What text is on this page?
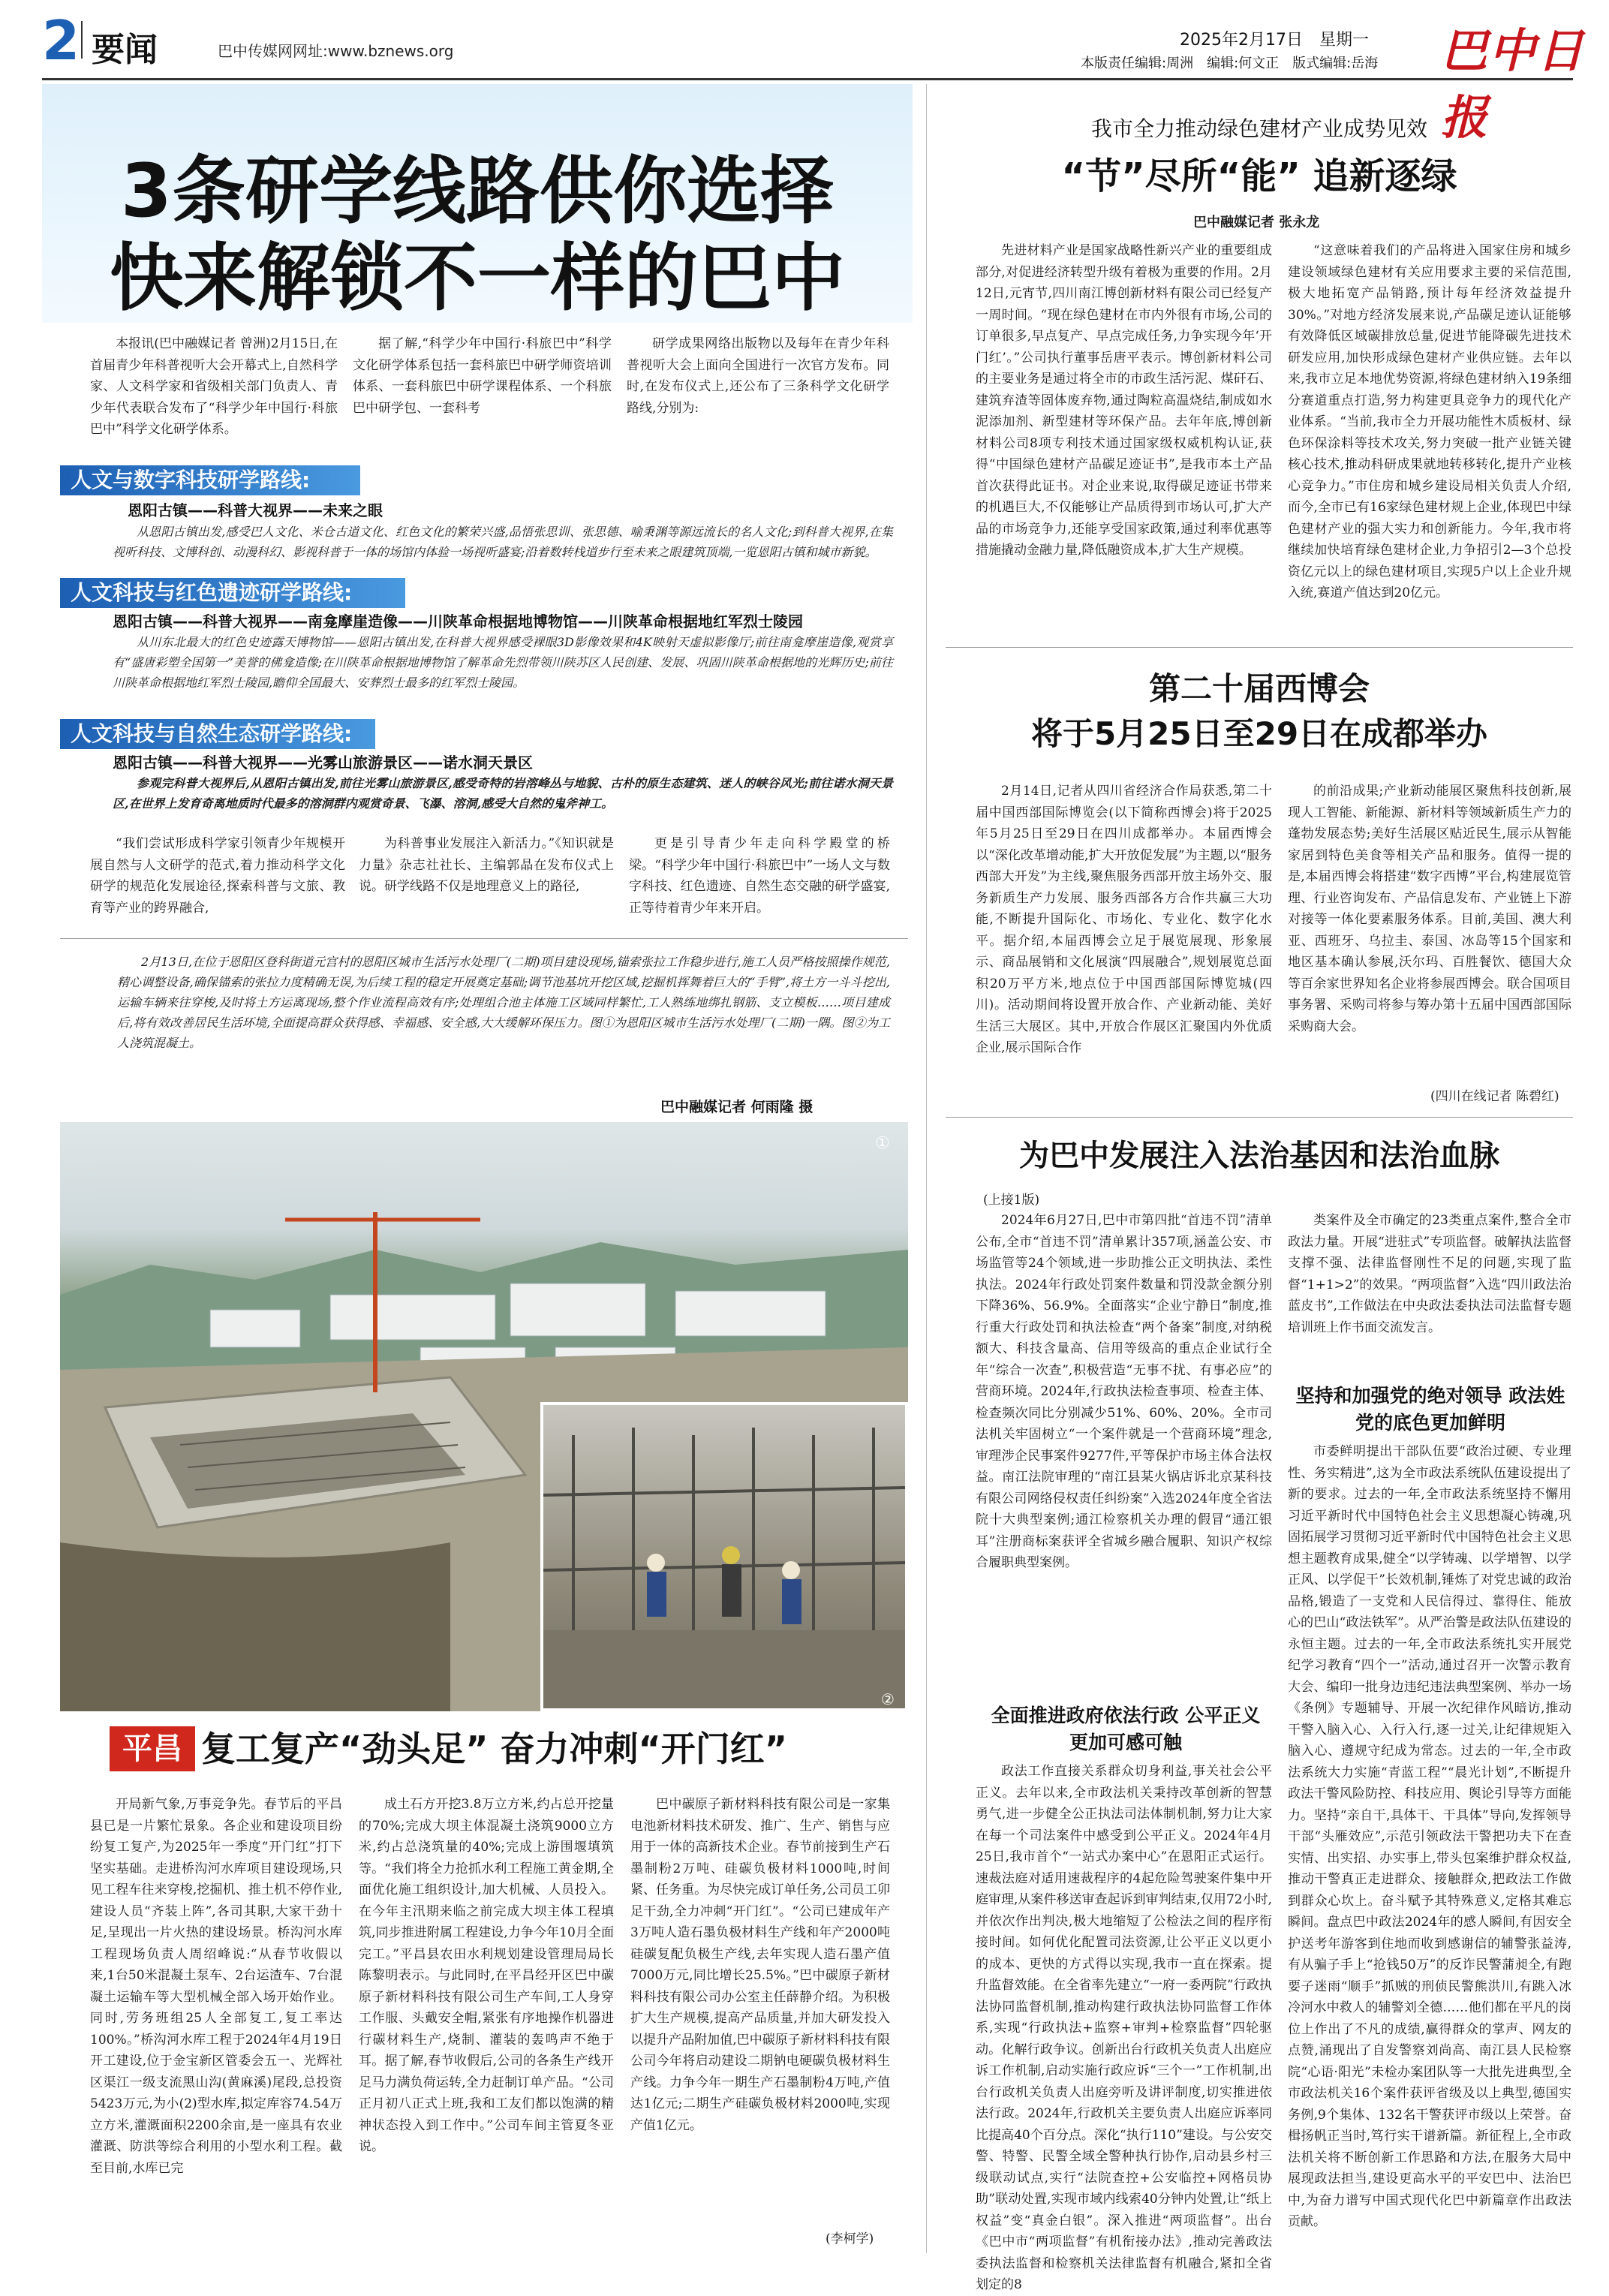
2 要闻	巴中传媒网网址:www.bznews.org
2025年2月17日　星期一
本版责任编辑:周洲　编辑:何文正　版式编辑:岳海 巴中日报
3条研学线路供你选择
快来解锁不一样的巴中
本报讯(巴中融媒记者 曾洲)2月15日,在首届青少年科普视听大会开幕式上,自然科学家、人文科学家和省级相关部门负责人、青少年代表联合发布了“科学少年中国行·科旅巴中”科学文化研学体系。
据了解,“科学少年中国行·科旅巴中”科学文化研学体系包括一套科旅巴中研学师资培训体系、一套科旅巴中研学课程体系、一个科旅巴中研学包、一套科考
研学成果网络出版物以及每年在青少年科普视听大会上面向全国进行一次官方发布。同时,在发布仪式上,还公布了三条科学文化研学路线,分别为:
人文与数字科技研学路线:
恩阳古镇——科普大视界——未来之眼
从恩阳古镇出发,感受巴人文化、米仓古道文化、红色文化的繁荣兴盛,品悟张思训、张思德、喻秉渊等源远流长的名人文化;到科普大视界,在集视听科技、文博科创、动漫科幻、影视科普于一体的场馆内体验一场视听盛宴;沿着数转栈道步行至未来之眼建筑顶端,一览恩阳古镇和城市新貌。
人文科技与红色遗迹研学路线:
恩阳古镇——科普大视界——南龛摩崖造像——川陕革命根据地博物馆——川陕革命根据地红军烈士陵园
从川东北最大的红色史迹露天博物馆——恩阳古镇出发,在科普大视界感受裸眼3D影像效果和4K映射天虚拟影像厅;前往南龛摩崖造像,观赏享有“盛唐彩塑全国第一”美誉的佛龛造像;在川陕革命根据地博物馆了解革命先烈带领川陕苏区人民创建、发展、巩固川陕革命根据地的光辉历史;前往川陕革命根据地红军烈士陵园,瞻仰全国最大、安葬烈士最多的红军烈士陵园。
人文科技与自然生态研学路线:
恩阳古镇——科普大视界——光雾山旅游景区——诺水洞天景区
参观完科普大视界后,从恩阳古镇出发,前往光雾山旅游景区,感受奇特的岩溶峰丛与地貌、古朴的原生态建筑、迷人的峡谷风光;前往诺水洞天景区,在世界上发育奇离地质时代最多的溶洞群内观赏奇景、飞瀑、溶洞,感受大自然的鬼斧神工。
“我们尝试形成科学家引领青少年规模开展自然与人文研学的范式,着力推动科学文化研学的规范化发展途径,探索科普与文旅、教育等产业的跨界融合,
为科普事业发展注入新活力。”《知识就是力量》杂志社社长、主编郭晶在发布仪式上说。研学线路不仅是地理意义上的路径,
更是引导青少年走向科学殿堂的桥梁。“科学少年中国行·科旅巴中”一场人文与数字科技、红色遗迹、自然生态交融的研学盛宴,正等待着青少年来开启。
2月13日,在位于恩阳区登科街道元宫村的恩阳区城市生活污水处理厂(二期)项目建设现场,锚索张拉工作稳步进行,施工人员严格按照操作规范,精心调整设备,确保锚索的张拉力度精确无误,为后续工程的稳定开展奠定基础;调节池基坑开挖区域,挖掘机挥舞着巨大的“手臂”,将土方一斗斗挖出,运输车辆来往穿梭,及时将土方运离现场,整个作业流程高效有序;处理组合池主体施工区域同样繁忙,工人熟练地绑扎钢筋、支立模板……项目建成后,将有效改善居民生活环境,全面提高群众获得感、幸福感、安全感,大大缓解环保压力。图①为恩阳区城市生活污水处理厂(二期)一隅。图②为工人浇筑混凝土。
巴中融媒记者 何雨隆 摄
①
②
平昌 复工复产“劲头足” 奋力冲刺“开门红”
开局新气象,万事竞争先。春节后的平昌县已是一片繁忙景象。各企业和建设项目纷纷复工复产,为2025年一季度“开门红”打下坚实基础。走进桥沟河水库项目建设现场,只见工程车往来穿梭,挖掘机、推土机不停作业,建设人员“齐装上阵”,各司其职,大家干劲十足,呈现出一片火热的建设场景。桥沟河水库工程现场负责人周绍峰说:“从春节收假以来,1台50米混凝土泵车、2台运渣车、7台混凝土运输车等大型机械全部入场开始作业。同时,劳务班组25人全部复工,复工率达100%。”桥沟河水库工程于2024年4月19日开工建设,位于金宝新区管委会五一、光辉社区渠江一级支流黑山沟(黄麻溪)尾段,总投资5423万元,为小(2)型水库,拟定库容74.54万立方米,灌溉面积2200余亩,是一座具有农业灌溉、防洪等综合利用的小型水利工程。截至目前,水库已完
成土石方开挖3.8万立方米,约占总开挖量的70%;完成大坝主体混凝土浇筑9000立方米,约占总浇筑量的40%;完成上游围堰填筑等。“我们将全力抢抓水利工程施工黄金期,全面优化施工组织设计,加大机械、人员投入。在今年主汛期来临之前完成大坝主体工程填筑,同步推进附属工程建设,力争今年10月全面完工。”平昌县农田水利规划建设管理局局长陈黎明表示。与此同时,在平昌经开区巴中碳原子新材料科技有限公司生产车间,工人身穿工作服、头戴安全帽,紧张有序地操作机器进行碳材料生产,烧制、灌装的轰鸣声不绝于耳。据了解,春节收假后,公司的各条生产线开足马力满负荷运转,全力赶制订单产品。“公司正月初八正式上班,我和工友们都以饱满的精神状态投入到工作中。”公司车间主管夏冬亚说。
巴中碳原子新材料科技有限公司是一家集电池新材料技术研发、推广、生产、销售与应用于一体的高新技术企业。春节前接到生产石墨制粉2万吨、硅碳负极材料1000吨,时间紧、任务重。为尽快完成订单任务,公司员工卯足干劲,全力冲刺“开门红”。“公司已建成年产3万吨人造石墨负极材料生产线和年产2000吨硅碳复配负极生产线,去年实现人造石墨产值7000万元,同比增长25.5%。”巴中碳原子新材料科技有限公司办公室主任薛静介绍。为积极扩大生产规模,提高产品质量,并加大研发投入以提升产品附加值,巴中碳原子新材料科技有限公司今年将启动建设二期钠电硬碳负极材料生产线。力争今年一期生产石墨制粉4万吨,产值达1亿元;二期生产硅碳负极材料2000吨,实现产值1亿元。
(李柯学)
我市全力推动绿色建材产业成势见效
“节”尽所“能” 追新逐绿
巴中融媒记者 张永龙
先进材料产业是国家战略性新兴产业的重要组成部分,对促进经济转型升级有着极为重要的作用。2月12日,元宵节,四川南江博创新材料有限公司已经复产一周时间。“现在绿色建材在市内外很有市场,公司的订单很多,早点复产、早点完成任务,力争实现今年‘开门红’。”公司执行董事岳唐平表示。博创新材料公司的主要业务是通过将全市的市政生活污泥、煤矸石、建筑弃渣等固体废弃物,通过陶粒高温烧结,制成如水泥添加剂、新型建材等环保产品。去年年底,博创新材料公司8项专利技术通过国家级权威机构认证,获得“中国绿色建材产品碳足迹证书”,是我市本土产品首次获得此证书。对企业来说,取得碳足迹证书带来的机遇巨大,不仅能够让产品质得到市场认可,扩大产品的市场竞争力,还能享受国家政策,通过利率优惠等措施撬动金融力量,降低融资成本,扩大生产规模。
“这意味着我们的产品将进入国家住房和城乡建设领域绿色建材有关应用要求主要的采信范围,极大地拓宽产品销路,预计每年经济效益提升30%。”对地方经济发展来说,产品碳足迹认证能够有效降低区域碳排放总量,促进节能降碳先进技术研发应用,加快形成绿色建材产业供应链。去年以来,我市立足本地优势资源,将绿色建材纳入19条细分赛道重点打造,努力构建更具竞争力的现代化产业体系。“当前,我市全力开展功能性木质板材、绿色环保涂料等技术攻关,努力突破一批产业链关键核心技术,推动科研成果就地转移转化,提升产业核心竞争力。”市住房和城乡建设局相关负责人介绍,而今,全市已有16家绿色建材规上企业,体现巴中绿色建材产业的强大实力和创新能力。今年,我市将继续加快培育绿色建材企业,力争招引2—3个总投资亿元以上的绿色建材项目,实现5户以上企业升规入统,赛道产值达到20亿元。
第二十届西博会
将于5月25日至29日在成都举办
2月14日,记者从四川省经济合作局获悉,第二十届中国西部国际博览会(以下简称西博会)将于2025年5月25日至29日在四川成都举办。本届西博会以“深化改革增动能,扩大开放促发展”为主题,以“服务西部大开发”为主线,聚焦服务西部开放主场外交、服务新质生产力发展、服务西部各方合作共赢三大功能,不断提升国际化、市场化、专业化、数字化水平。据介绍,本届西博会立足于展览展现、形象展示、商品展销和文化展演“四展融合”,规划展览总面积20万平方米,地点位于中国西部国际博览城(四川)。活动期间将设置开放合作、产业新动能、美好生活三大展区。其中,开放合作展区汇聚国内外优质企业,展示国际合作
的前沿成果;产业新动能展区聚焦科技创新,展现人工智能、新能源、新材料等领域新质生产力的蓬勃发展态势;美好生活展区贴近民生,展示从智能家居到特色美食等相关产品和服务。值得一提的是,本届西博会将搭建“数字西博”平台,构建展览管理、行业咨询发布、产品信息发布、产业链上下游对接等一体化要素服务体系。目前,美国、澳大利亚、西班牙、乌拉圭、泰国、冰岛等15个国家和地区基本确认参展,沃尔玛、百胜餐饮、德国大众等百余家世界知名企业将参展西博会。联合国项目事务署、采购司将参与筹办第十五届中国西部国际采购商大会。
(四川在线记者 陈碧红)
为巴中发展注入法治基因和法治血脉
(上接1版)
2024年6月27日,巴中市第四批“首违不罚”清单公布,全市“首违不罚”清单累计357项,涵盖公安、市场监管等24个领域,进一步助推公正文明执法、柔性执法。2024年行政处罚案件数量和罚没款金额分别下降36%、56.9%。全面落实“企业宁静日”制度,推行重大行政处罚和执法检查“两个备案”制度,对纳税额大、科技含量高、信用等级高的重点企业试行全年“综合一次查”,积极营造“无事不扰、有事必应”的营商环境。2024年,行政执法检查事项、检查主体、检查频次同比分别减少51%、60%、20%。全市司法机关牢固树立“一个案件就是一个营商环境”理念,审理涉企民事案件9277件,平等保护市场主体合法权益。南江法院审理的“南江县某火锅店诉北京某科技有限公司网络侵权责任纠纷案”入选2024年度全省法院十大典型案例;通江检察机关办理的假冒“通江银耳”注册商标案获评全省城乡融合履职、知识产权综合履职典型案例。
全面推进政府依法行政 公平正义更加可感可触
政法工作直接关系群众切身利益,事关社会公平正义。去年以来,全市政法机关秉持改革创新的智慧勇气,进一步健全公正执法司法体制机制,努力让大家在每一个司法案件中感受到公平正义。2024年4月25日,我市首个“一站式办案中心”在恩阳正式运行。速裁法庭对适用速裁程序的4起危险驾驶案件集中开庭审理,从案件移送审查起诉到审判结束,仅用72小时,并依次作出判决,极大地缩短了公检法之间的程序衔接时间。如何优化配置司法资源,让公平正义以更小的成本、更快的方式得以实现,我市一直在探索。提升监督效能。在全省率先建立“一府一委两院”行政执法协同监督机制,推动构建行政执法协同监督工作体系,实现“行政执法+监察+审判+检察监督”四轮驱动。化解行政争议。创新出台行政机关负责人出庭应诉工作机制,启动实施行政应诉“三个一”工作机制,出台行政机关负责人出庭旁听及讲评制度,切实推进依法行政。2024年,行政机关主要负责人出庭应诉率同比提高40个百分点。深化“执行110”建设。与公安交警、特警、民警全域全警种执行协作,启动县乡村三级联动试点,实行“法院查控+公安临控+网格员协助”联动处置,实现市域内线索40分钟内处置,让“纸上权益”变“真金白银”。深入推进“两项监督”。出台《巴中市“两项监督”有机衔接办法》,推动完善政法委执法监督和检察机关法律监督有机融合,紧扣全省划定的8
类案件及全市确定的23类重点案件,整合全市政法力量。开展“进驻式”专项监督。破解执法监督支撑不强、法律监督刚性不足的问题,实现了监督“1+1>2”的效果。“两项监督”入选“四川政法治蓝皮书”,工作做法在中央政法委执法司法监督专题培训班上作书面交流发言。
坚持和加强党的绝对领导 政法姓党的底色更加鲜明
市委鲜明提出干部队伍要“政治过硬、专业理性、务实精进”,这为全市政法系统队伍建设提出了新的要求。过去的一年,全市政法系统坚持不懈用习近平新时代中国特色社会主义思想凝心铸魂,巩固拓展学习贯彻习近平新时代中国特色社会主义思想主题教育成果,健全“以学铸魂、以学增智、以学正风、以学促干”长效机制,锤炼了对党忠诚的政治品格,锻造了一支党和人民信得过、靠得住、能放心的巴山“政法铁军”。从严治警是政法队伍建设的永恒主题。过去的一年,全市政法系统扎实开展党纪学习教育“四个一”活动,通过召开一次警示教育大会、编印一批身边违纪违法典型案例、举办一场《条例》专题辅导、开展一次纪律作风暗访,推动干警入脑入心、入行入行,逐一过关,让纪律规矩入脑入心、遵规守纪成为常态。过去的一年,全市政法系统大力实施“青蓝工程”“晨光计划”,不断提升政法干警风险防控、科技应用、舆论引导等方面能力。坚持“亲自干,具体干、干具体”导向,发挥领导干部“头雁效应”,示范引领政法干警把功夫下在查实情、出实招、办实事上,带头包案维护群众权益,推动干警真正走进群众、接触群众,把政法工作做到群众心坎上。奋斗赋予其特殊意义,定格其难忘瞬间。盘点巴中政法2024年的感人瞬间,有因安全护送考年游客到住地而收到感谢信的辅警张益涛,有从骗子手上“抢钱50万”的反诈民警蒲昶全,有跑要子迷雨“顺手”抓贼的刑侦民警熊洪川,有跳入冰冷河水中救人的辅警刘全德……他们都在平凡的岗位上作出了不凡的成绩,赢得群众的掌声、网友的点赞,涌现出了自发警察刘尚高、南江县人民检察院“心语·阳光”未检办案团队等一大批先进典型,全市政法机关16个案件获评省级及以上典型,德国实务例,9个集体、132名干警获评市级以上荣誉。奋楫扬帆正当时,笃行实干谱新篇。新征程上,全市政法机关将不断创新工作思路和方法,在服务大局中展现政法担当,建设更高水平的平安巴中、法治巴中,为奋力谱写中国式现代化巴中新篇章作出政法贡献。
